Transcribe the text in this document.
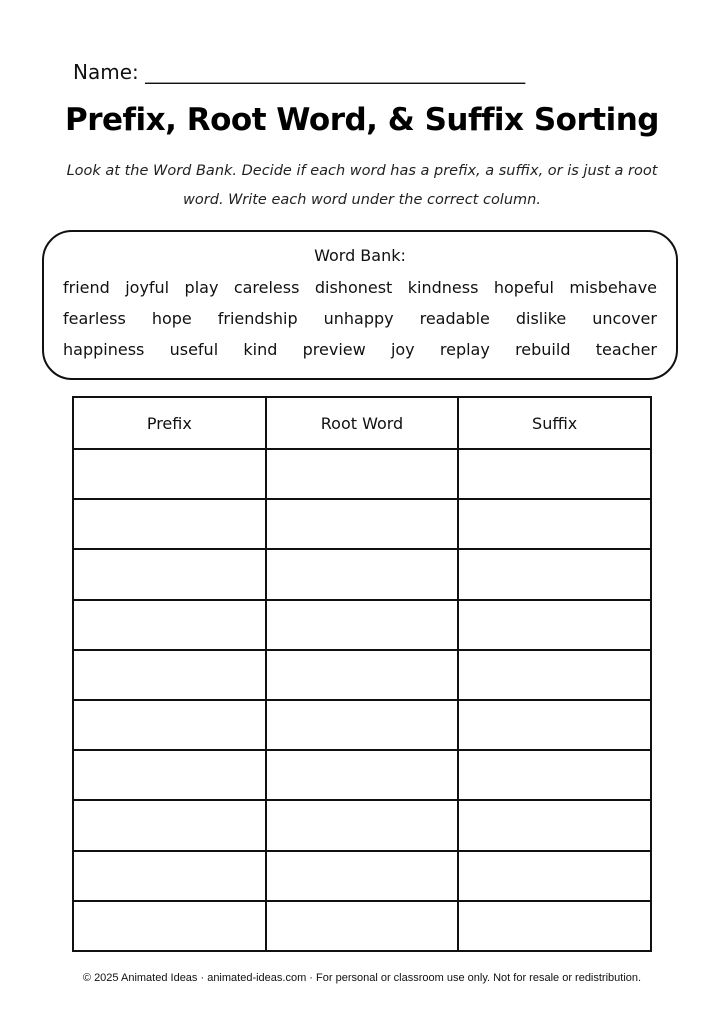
Name: ______________________________________
Prefix, Root Word, & Suffix Sorting
Look at the Word Bank. Decide if each word has a prefix, a suffix, or is just a root word. Write each word under the correct column.
Word Bank:
friend joyful play careless dishonest kindness hopeful misbehave
fearless hope friendship unhappy readable dislike uncover
happiness useful kind preview joy replay rebuild teacher
Prefix	Root Word	Suffix

© 2025 Animated Ideas · animated-ideas.com · For personal or classroom use only. Not for resale or redistribution.
